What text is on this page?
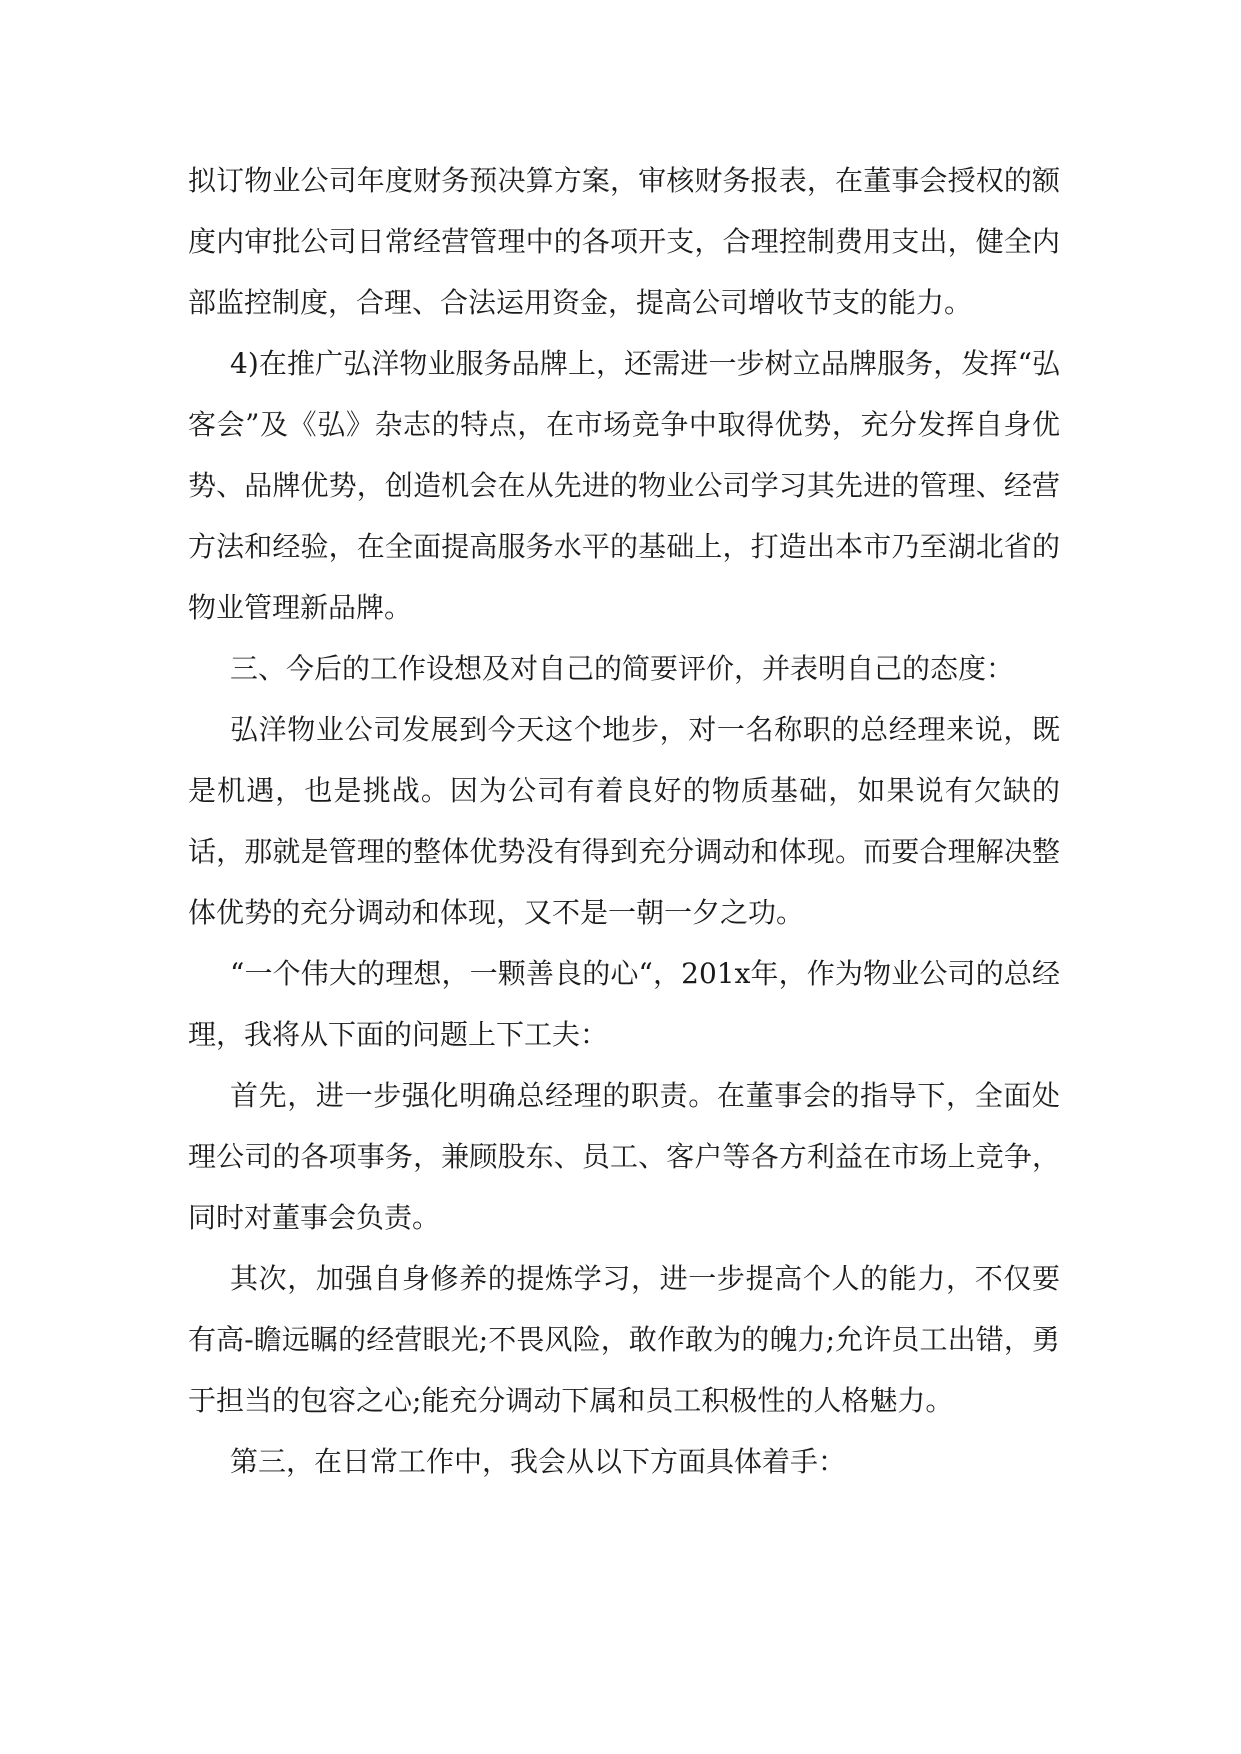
拟订物业公司年度财务预决算方案，审核财务报表，在董事会授权的额度内审批公司日常经营管理中的各项开支，合理控制费用支出，健全内部监控制度，合理、合法运用资金，提高公司增收节支的能力。

4)在推广弘洋物业服务品牌上，还需进一步树立品牌服务，发挥“弘客会”及《弘》杂志的特点，在市场竞争中取得优势，充分发挥自身优势、品牌优势，创造机会在从先进的物业公司学习其先进的管理、经营方法和经验，在全面提高服务水平的基础上，打造出本市乃至湖北省的物业管理新品牌。

三、今后的工作设想及对自己的简要评价，并表明自己的态度：

弘洋物业公司发展到今天这个地步，对一名称职的总经理来说，既是机遇，也是挑战。因为公司有着良好的物质基础，如果说有欠缺的话，那就是管理的整体优势没有得到充分调动和体现。而要合理解决整体优势的充分调动和体现，又不是一朝一夕之功。

“一个伟大的理想，一颗善良的心“，201x年，作为物业公司的总经理，我将从下面的问题上下工夫：

首先，进一步强化明确总经理的职责。在董事会的指导下，全面处理公司的各项事务，兼顾股东、员工、客户等各方利益在市场上竞争，同时对董事会负责。

其次，加强自身修养的提炼学习，进一步提高个人的能力，不仅要有高-瞻远瞩的经营眼光;不畏风险，敢作敢为的魄力;允许员工出错，勇于担当的包容之心;能充分调动下属和员工积极性的人格魅力。

第三，在日常工作中，我会从以下方面具体着手：
